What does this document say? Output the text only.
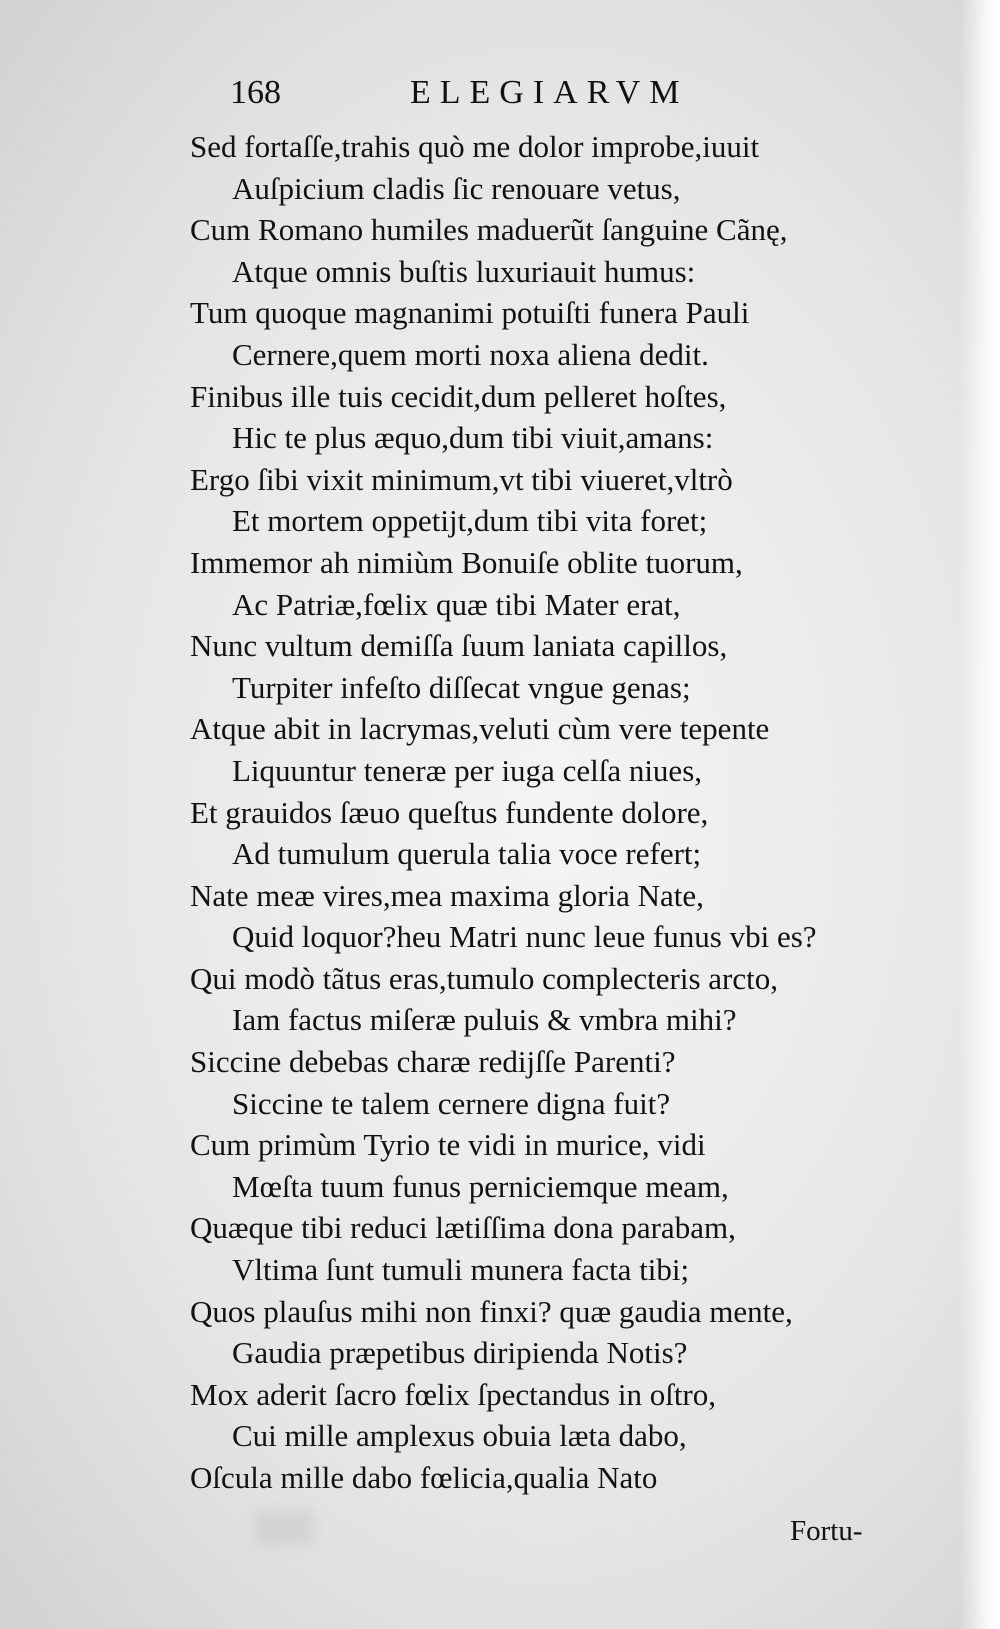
168	ELEGIARVM
Sed fortaſſe,trahis quò me dolor improbe,iuuit
Auſpicium cladis ſic renouare vetus,
Cum Romano humiles maduerũt ſanguine Cãnę,
Atque omnis buſtis luxuriauit humus:
Tum quoque magnanimi potuiſti funera Pauli
Cernere,quem morti noxa aliena dedit.
Finibus ille tuis cecidit,dum pelleret hoſtes,
Hic te plus æquo,dum tibi viuit,amans:
Ergo ſibi vixit minimum,vt tibi viueret,vltrò
Et mortem oppetijt,dum tibi vita foret;
Immemor ah nimiùm Bonuiſe oblite tuorum,
Ac Patriæ,fœlix quæ tibi Mater erat,
Nunc vultum demiſſa ſuum laniata capillos,
Turpiter infeſto diſſecat vngue genas;
Atque abit in lacrymas,veluti cùm vere tepente
Liquuntur teneræ per iuga celſa niues,
Et grauidos ſæuo queſtus fundente dolore,
Ad tumulum querula talia voce refert;
Nate meæ vires,mea maxima gloria Nate,
Quid loquor?heu Matri nunc leue funus vbi es?
Qui modò tãtus eras,tumulo complecteris arcto,
Iam factus miſeræ puluis & vmbra mihi?
Siccine debebas charæ redijſſe Parenti?
Siccine te talem cernere digna fuit?
Cum primùm Tyrio te vidi in murice, vidi
Mœſta tuum funus perniciemque meam,
Quæque tibi reduci lætiſſima dona parabam,
Vltima ſunt tumuli munera facta tibi;
Quos plauſus mihi non finxi? quæ gaudia mente,
Gaudia præpetibus diripienda Notis?
Mox aderit ſacro fœlix ſpectandus in oſtro,
Cui mille amplexus obuia læta dabo,
Oſcula mille dabo fœlicia,qualia Nato
Fortu-
